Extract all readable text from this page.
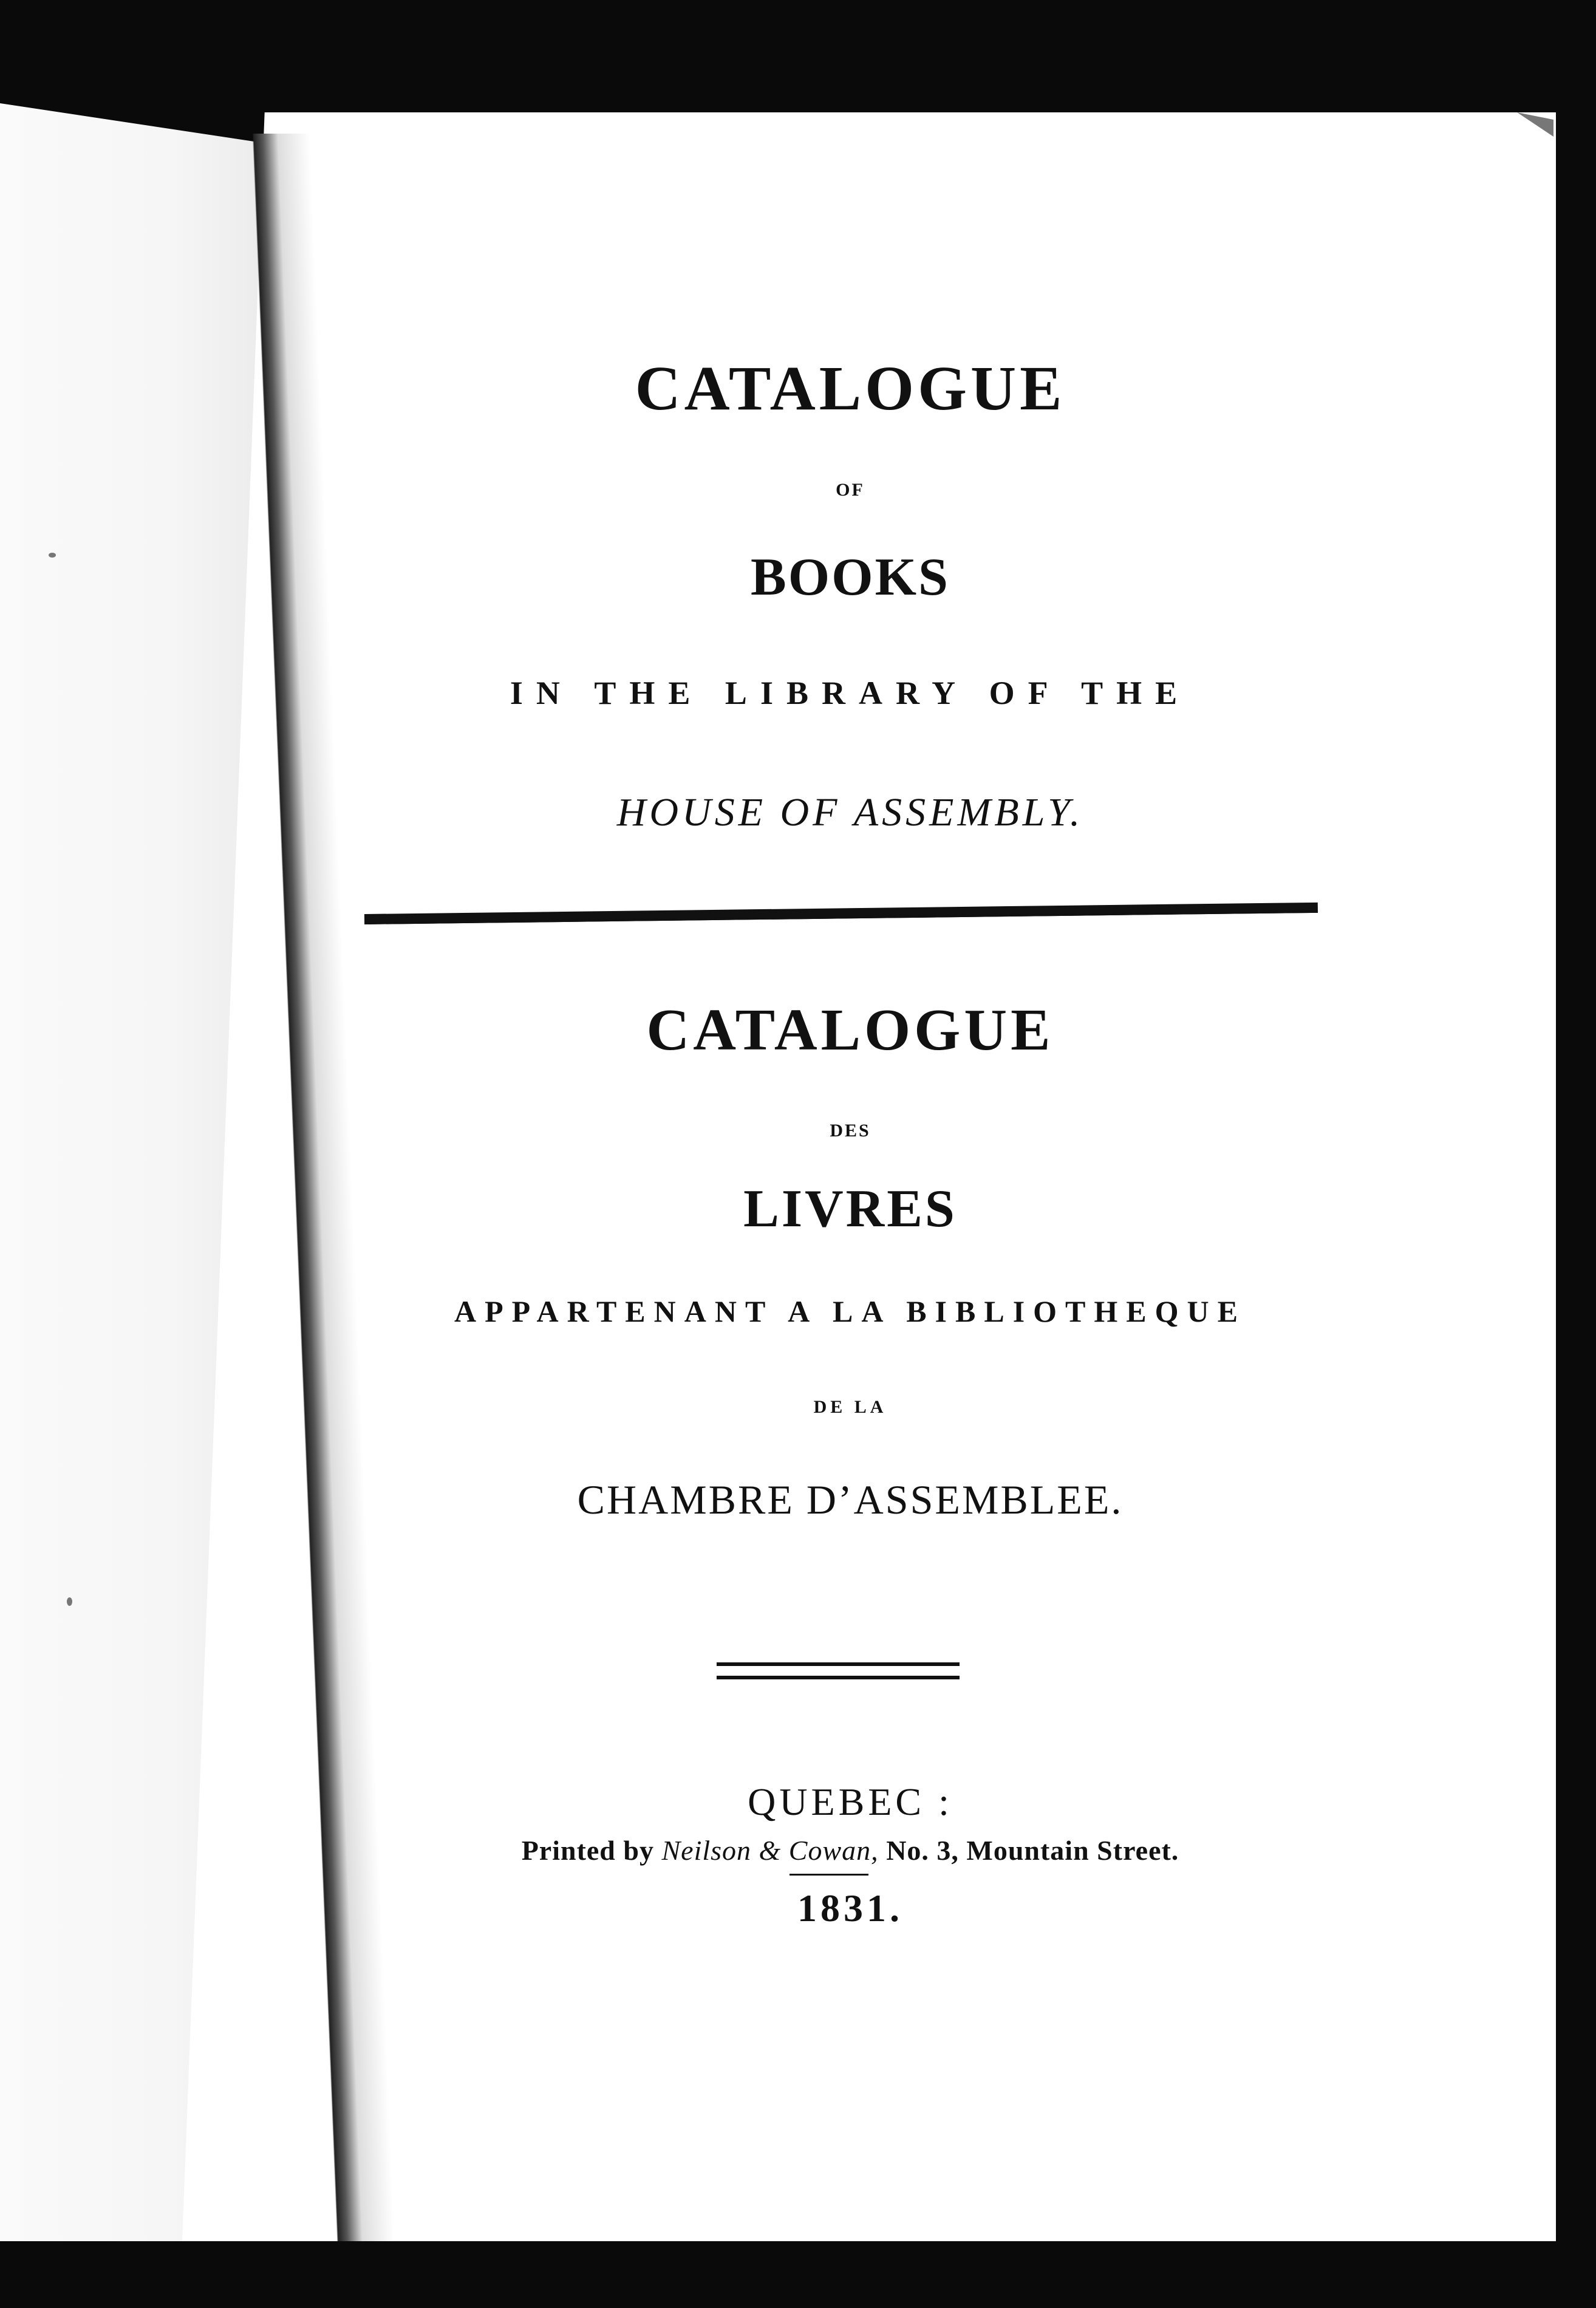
CATALOGUE
OF
BOOKS
IN THE LIBRARY OF THE
HOUSE OF ASSEMBLY.
CATALOGUE
DES
LIVRES
APPARTENANT A LA BIBLIOTHEQUE
DE LA
CHAMBRE D’ASSEMBLEE.
QUEBEC :
Printed by Neilson & Cowan, No. 3, Mountain Street.
1831.
